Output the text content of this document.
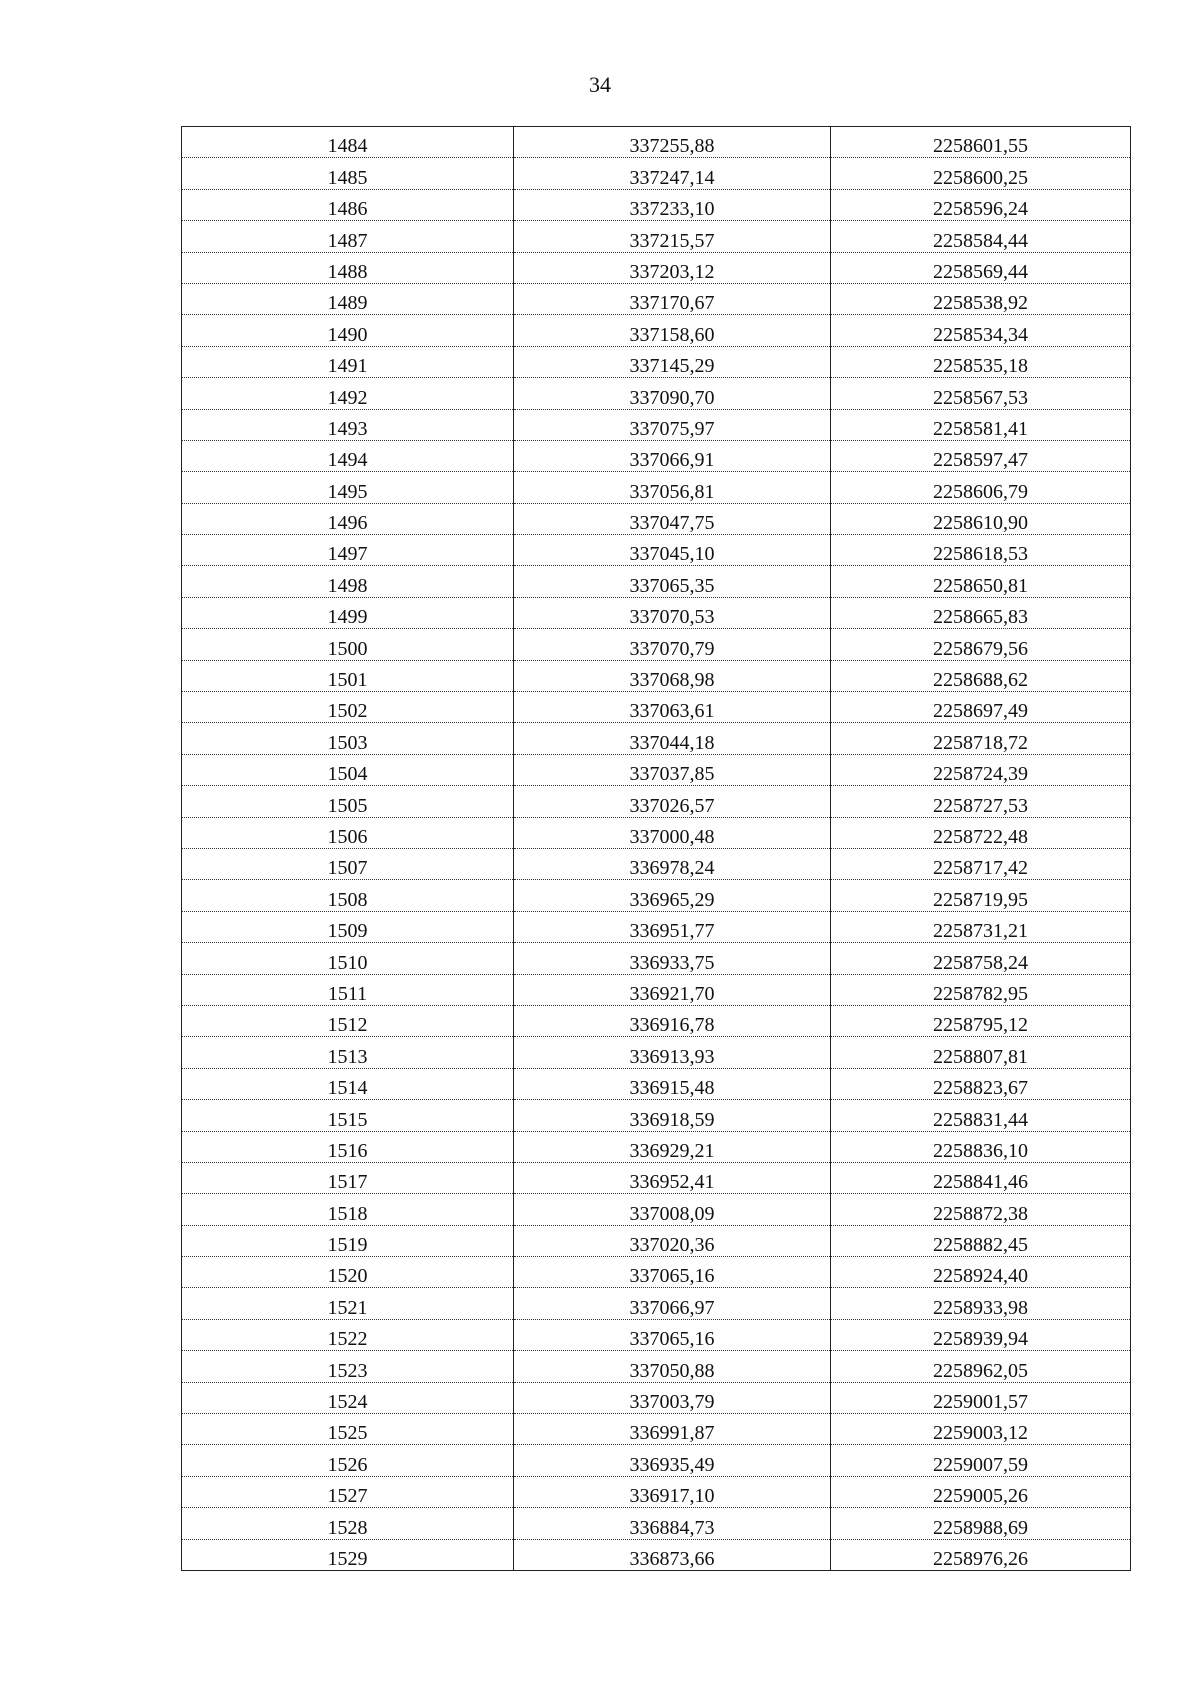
34
1484	337255,88	2258601,55
1485	337247,14	2258600,25
1486	337233,10	2258596,24
1487	337215,57	2258584,44
1488	337203,12	2258569,44
1489	337170,67	2258538,92
1490	337158,60	2258534,34
1491	337145,29	2258535,18
1492	337090,70	2258567,53
1493	337075,97	2258581,41
1494	337066,91	2258597,47
1495	337056,81	2258606,79
1496	337047,75	2258610,90
1497	337045,10	2258618,53
1498	337065,35	2258650,81
1499	337070,53	2258665,83
1500	337070,79	2258679,56
1501	337068,98	2258688,62
1502	337063,61	2258697,49
1503	337044,18	2258718,72
1504	337037,85	2258724,39
1505	337026,57	2258727,53
1506	337000,48	2258722,48
1507	336978,24	2258717,42
1508	336965,29	2258719,95
1509	336951,77	2258731,21
1510	336933,75	2258758,24
1511	336921,70	2258782,95
1512	336916,78	2258795,12
1513	336913,93	2258807,81
1514	336915,48	2258823,67
1515	336918,59	2258831,44
1516	336929,21	2258836,10
1517	336952,41	2258841,46
1518	337008,09	2258872,38
1519	337020,36	2258882,45
1520	337065,16	2258924,40
1521	337066,97	2258933,98
1522	337065,16	2258939,94
1523	337050,88	2258962,05
1524	337003,79	2259001,57
1525	336991,87	2259003,12
1526	336935,49	2259007,59
1527	336917,10	2259005,26
1528	336884,73	2258988,69
1529	336873,66	2258976,26
